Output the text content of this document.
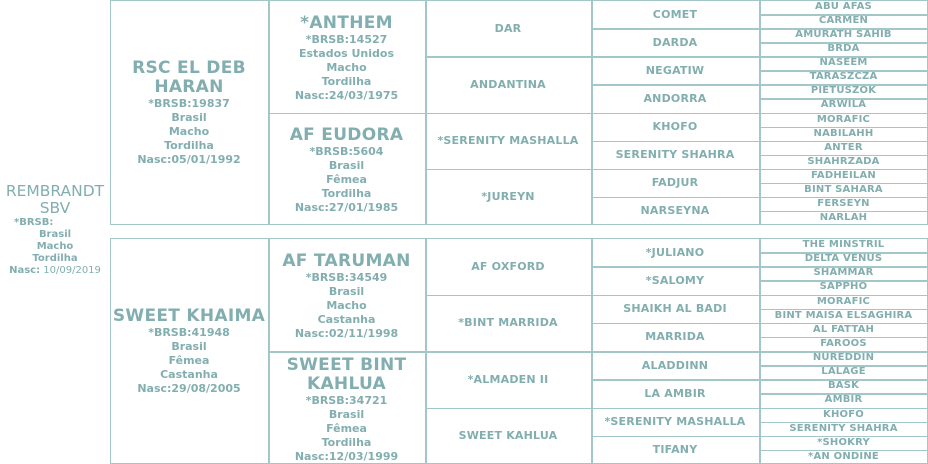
REMBRANDT
SBV
*BRSB:
Brasil
Macho
Tordilha
Nasc: 10/09/2019
RSC EL DEB
HARAN
*BRSB:19837
Brasil
Macho
Tordilha
Nasc:05/01/1992
*ANTHEM
*BRSB:14527
Estados Unidos
Macho
Tordilha
Nasc:24/03/1975
AF EUDORA
*BRSB:5604
Brasil
Fêmea
Tordilha
Nasc:27/01/1985
DAR
ANDANTINA
*SERENITY MASHALLA
*JUREYN
COMET
DARDA
NEGATIW
ANDORRA
KHOFO
SERENITY SHAHRA
FADJUR
NARSEYNA
ABU AFAS
CARMEN
AMURATH SAHIB
BRDA
NASEEM
TARASZCZA
PIETUSZOK
ARWILA
MORAFIC
NABILAHH
ANTER
SHAHRZADA
FADHEILAN
BINT SAHARA
FERSEYN
NARLAH
SWEET KHAIMA
*BRSB:41948
Brasil
Fêmea
Castanha
Nasc:29/08/2005
AF TARUMAN
*BRSB:34549
Brasil
Macho
Castanha
Nasc:02/11/1998
SWEET BINT
KAHLUA
*BRSB:34721
Brasil
Fêmea
Tordilha
Nasc:12/03/1999
AF OXFORD
*BINT MARRIDA
*ALMADEN II
SWEET KAHLUA
*JULIANO
*SALOMY
SHAIKH AL BADI
MARRIDA
ALADDINN
LA AMBIR
*SERENITY MASHALLA
TIFANY
THE MINSTRIL
DELTA VENUS
SHAMMAR
SAPPHO
MORAFIC
BINT MAISA ELSAGHIRA
AL FATTAH
FAROOS
NUREDDIN
LALAGE
BASK
AMBIR
KHOFO
SERENITY SHAHRA
*SHOKRY
*AN ONDINE
